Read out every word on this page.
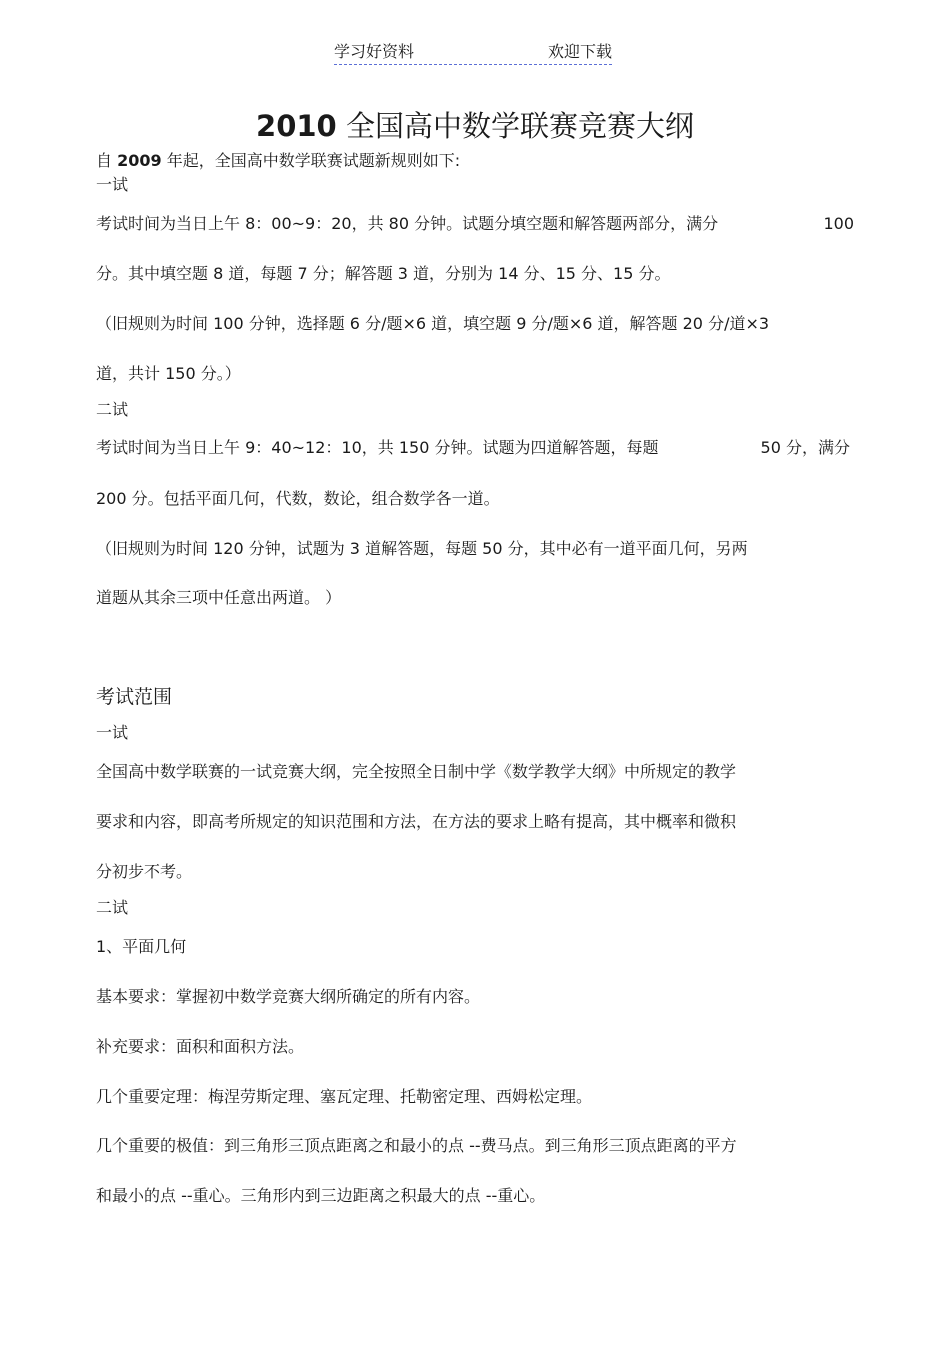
学习好资料	欢迎下载
2010 全国高中数学联赛竞赛大纲
自 2009 年起，全国高中数学联赛试题新规则如下:
一试
考试时间为当日上午 8：00~9：20，共 80 分钟。试题分填空题和解答题两部分，满分	100
分。其中填空题 8 道，每题 7 分；解答题 3 道，分别为 14 分、15 分、15 分。
（旧规则为时间 100 分钟，选择题 6 分/题×6 道，填空题 9 分/题×6 道，解答题 20 分/道×3
道，共计 150 分。）
二试
考试时间为当日上午 9：40~12：10，共 150 分钟。试题为四道解答题，每题	50 分，满分
200 分。包括平面几何，代数，数论，组合数学各一道。
（旧规则为时间 120 分钟，试题为 3 道解答题，每题 50 分，其中必有一道平面几何，另两
道题从其余三项中任意出两道。 ）
考试范围
一试
全国高中数学联赛的一试竞赛大纲，完全按照全日制中学《数学教学大纲》中所规定的教学
要求和内容，即高考所规定的知识范围和方法，在方法的要求上略有提高，其中概率和微积
分初步不考。
二试
1、平面几何
基本要求：掌握初中数学竞赛大纲所确定的所有内容。
补充要求：面积和面积方法。
几个重要定理：梅涅劳斯定理、塞瓦定理、托勒密定理、西姆松定理。
几个重要的极值：到三角形三顶点距离之和最小的点 --费马点。到三角形三顶点距离的平方
和最小的点 --重心。三角形内到三边距离之积最大的点 --重心。
